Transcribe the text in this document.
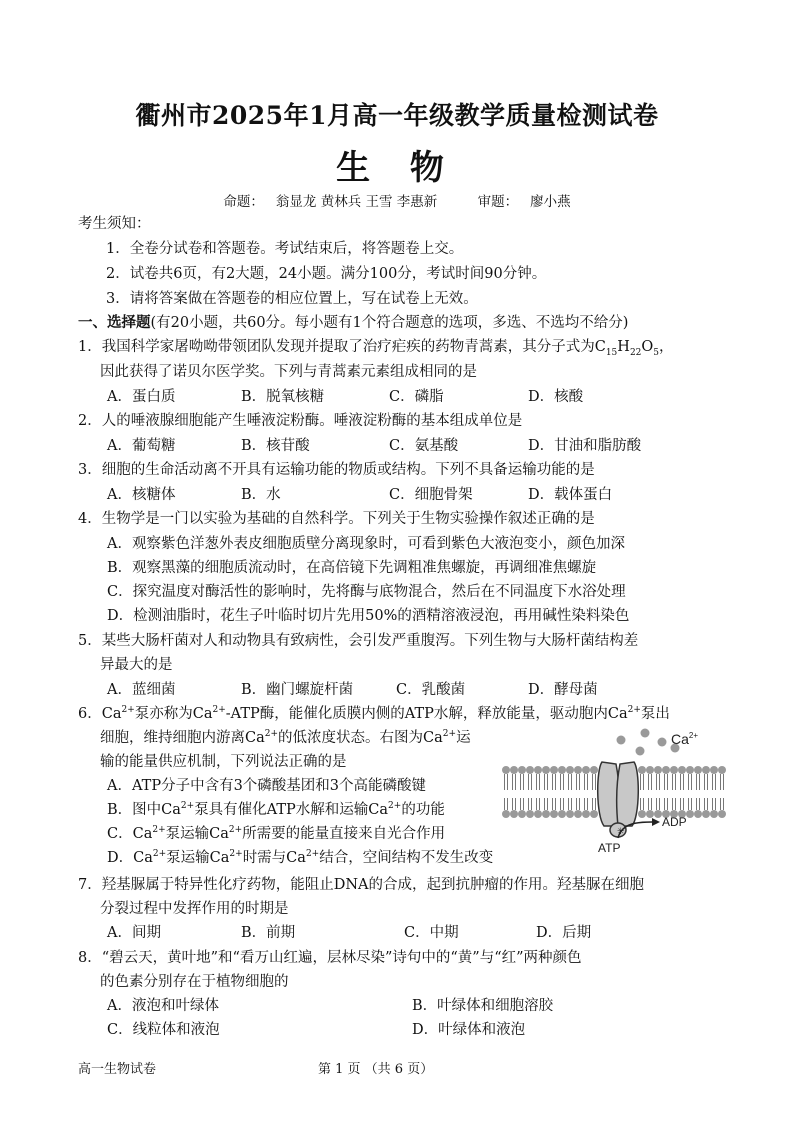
衢州市2025年1月高一年级教学质量检测试卷
生 物
命题： 翁显龙 黄林兵 王雪 李惠新	审题： 廖小燕
考生须知：
1．全卷分试卷和答题卷。考试结束后，将答题卷上交。
2．试卷共6页，有2大题，24小题。满分100分，考试时间90分钟。
3．请将答案做在答题卷的相应位置上，写在试卷上无效。
一、选择题(有20小题，共60分。每小题有1个符合题意的选项，多选、不选均不给分)
1．我国科学家屠呦呦带领团队发现并提取了治疗疟疾的药物青蒿素，其分子式为$C_{15}H_{22}O_5$，
因此获得了诺贝尔医学奖。下列与青蒿素元素组成相同的是
A．蛋白质	B．脱氧核糖	C．磷脂	D．核酸
2．人的唾液腺细胞能产生唾液淀粉酶。唾液淀粉酶的基本组成单位是
A．葡萄糖	B．核苷酸	C．氨基酸	D．甘油和脂肪酸
3．细胞的生命活动离不开具有运输功能的物质或结构。下列不具备运输功能的是
A．核糖体	B．水	C．细胞骨架	D．载体蛋白
4．生物学是一门以实验为基础的自然科学。下列关于生物实验操作叙述正确的是
A．观察紫色洋葱外表皮细胞质壁分离现象时，可看到紫色大液泡变小，颜色加深
B．观察黑藻的细胞质流动时，在高倍镜下先调粗准焦螺旋，再调细准焦螺旋
C．探究温度对酶活性的影响时，先将酶与底物混合，然后在不同温度下水浴处理
D．检测油脂时，花生子叶临时切片先用50%的酒精溶液浸泡，再用碱性染料染色
5．某些大肠杆菌对人和动物具有致病性，会引发严重腹泻。下列生物与大肠杆菌结构差
异最大的是
A．蓝细菌	B．幽门螺旋杆菌	C．乳酸菌	D．酵母菌
6．$Ca^{2+}$泵亦称为$Ca^{2+}$-ATP酶，能催化质膜内侧的ATP水解，释放能量，驱动胞内$Ca^{2+}$泵出
细胞，维持细胞内游离$Ca^{2+}$的低浓度状态。右图为$Ca^{2+}$运
输的能量供应机制，下列说法正确的是
A．ATP分子中含有3个磷酸基团和3个高能磷酸键
B．图中$Ca^{2+}$泵具有催化ATP水解和运输$Ca^{2+}$的功能
C．$Ca^{2+}$泵运输$Ca^{2+}$所需要的能量直接来自光合作用
D．$Ca^{2+}$泵运输$Ca^{2+}$时需与$Ca^{2+}$结合，空间结构不发生改变
$Ca^{2+}$
ADP
ATP
✳
7．羟基脲属于特异性化疗药物，能阻止DNA的合成，起到抗肿瘤的作用。羟基脲在细胞
分裂过程中发挥作用的时期是
A．间期	B．前期	C．中期	D．后期
8．“碧云天，黄叶地”和“看万山红遍，层林尽染”诗句中的“黄”与“红”两种颜色
的色素分别存在于植物细胞的
A．液泡和叶绿体	B．叶绿体和细胞溶胶
C．线粒体和液泡	D．叶绿体和液泡
高一生物试卷	第 1 页 （共 6 页）
